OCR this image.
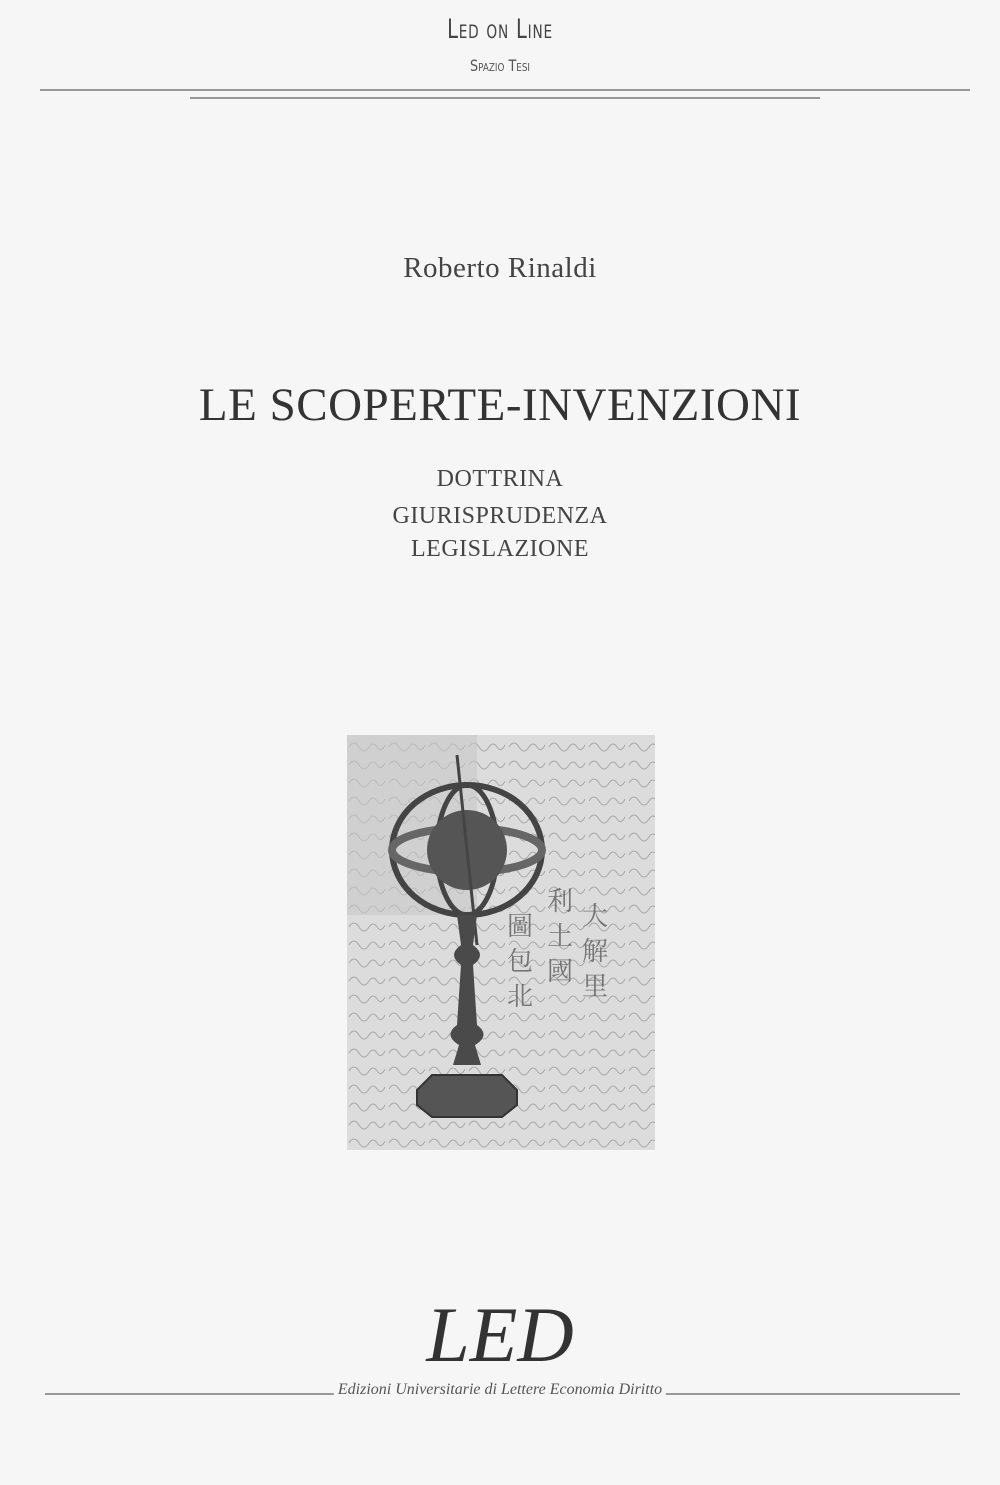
Led on Line
Spazio Tesi
Roberto Rinaldi
LE SCOPERTE-INVENZIONI
DOTTRINA
GIURISPRUDENZA
LEGISLAZIONE
利
土
國
大
解
里
圖
包
北
LED
Edizioni Universitarie di Lettere Economia Diritto
